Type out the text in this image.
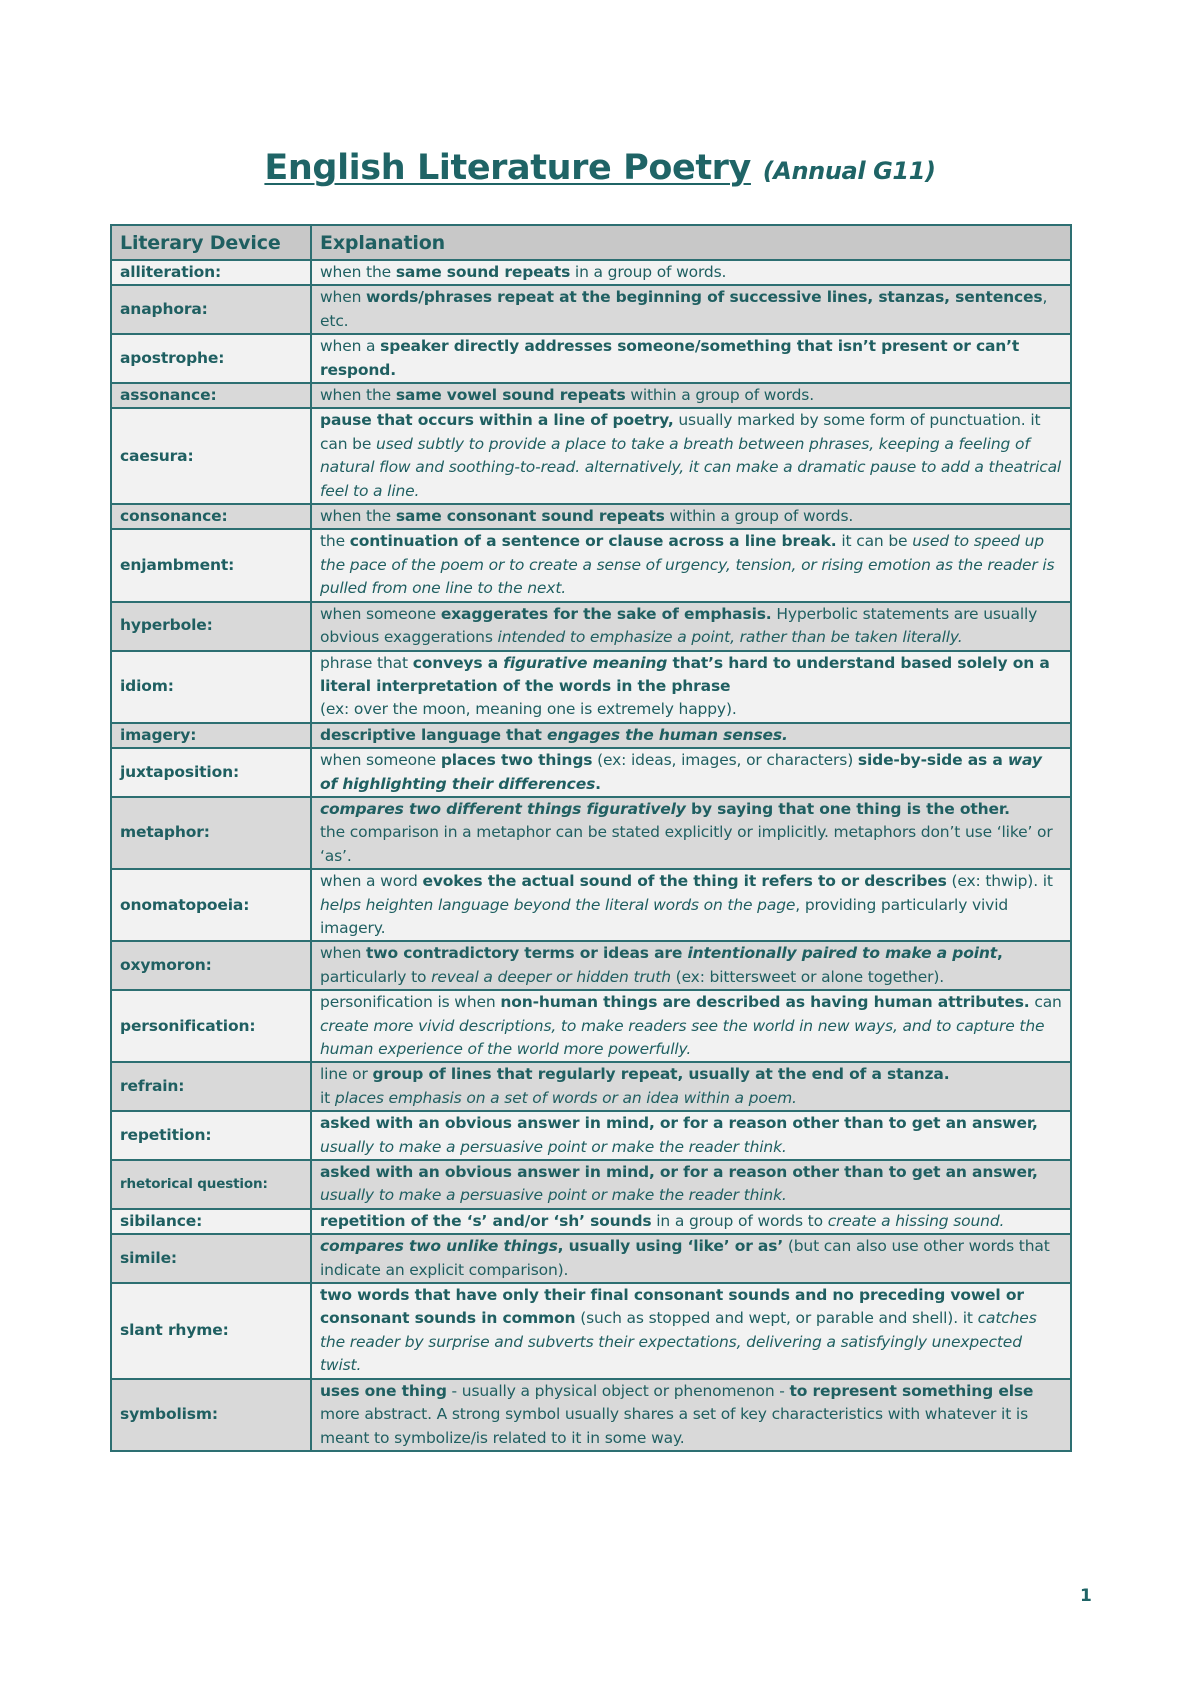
English Literature Poetry (Annual G11)
Literary Device	Explanation
alliteration:	when the same sound repeats in a group of words.
anaphora:	when words/phrases repeat at the beginning of successive lines, stanzas, sentences, etc.
apostrophe:	when a speaker directly addresses someone/something that isn’t present or can’t respond.
assonance:	when the same vowel sound repeats within a group of words.
caesura:	pause that occurs within a line of poetry, usually marked by some form of punctuation. it can be used subtly to provide a place to take a breath between phrases, keeping a feeling of natural flow and soothing-to-read. alternatively, it can make a dramatic pause to add a theatrical feel to a line.
consonance:	when the same consonant sound repeats within a group of words.
enjambment:	the continuation of a sentence or clause across a line break. it can be used to speed up the pace of the poem or to create a sense of urgency, tension, or rising emotion as the reader is pulled from one line to the next.
hyperbole:	when someone exaggerates for the sake of emphasis. Hyperbolic statements are usually obvious exaggerations intended to emphasize a point, rather than be taken literally.
idiom:	phrase that conveys a figurative meaning that’s hard to understand based solely on a literal interpretation of the words in the phrase
(ex: over the moon, meaning one is extremely happy).
imagery:	descriptive language that engages the human senses.
juxtaposition:	when someone places two things (ex: ideas, images, or characters) side-by-side as a way of highlighting their differences.
metaphor:	compares two different things figuratively by saying that one thing is the other.
the comparison in a metaphor can be stated explicitly or implicitly. metaphors don’t use ‘like’ or ‘as’.
onomatopoeia:	when a word evokes the actual sound of the thing it refers to or describes (ex: thwip). it helps heighten language beyond the literal words on the page, providing particularly vivid imagery.
oxymoron:	when two contradictory terms or ideas are intentionally paired to make a point, particularly to reveal a deeper or hidden truth (ex: bittersweet or alone together).
personification:	personification is when non-human things are described as having human attributes. can create more vivid descriptions, to make readers see the world in new ways, and to capture the human experience of the world more powerfully.
refrain:	line or group of lines that regularly repeat, usually at the end of a stanza.
it places emphasis on a set of words or an idea within a poem.
repetition:	asked with an obvious answer in mind, or for a reason other than to get an answer, usually to make a persuasive point or make the reader think.
rhetorical question:	asked with an obvious answer in mind, or for a reason other than to get an answer, usually to make a persuasive point or make the reader think.
sibilance:	repetition of the ‘s’ and/or ‘sh’ sounds in a group of words to create a hissing sound.
simile:	compares two unlike things, usually using ‘like’ or as’ (but can also use other words that indicate an explicit comparison).
slant rhyme:	two words that have only their final consonant sounds and no preceding vowel or consonant sounds in common (such as stopped and wept, or parable and shell). it catches the reader by surprise and subverts their expectations, delivering a satisfyingly unexpected twist.
symbolism:	uses one thing - usually a physical object or phenomenon - to represent something else more abstract. A strong symbol usually shares a set of key characteristics with whatever it is meant to symbolize/is related to it in some way.
1
